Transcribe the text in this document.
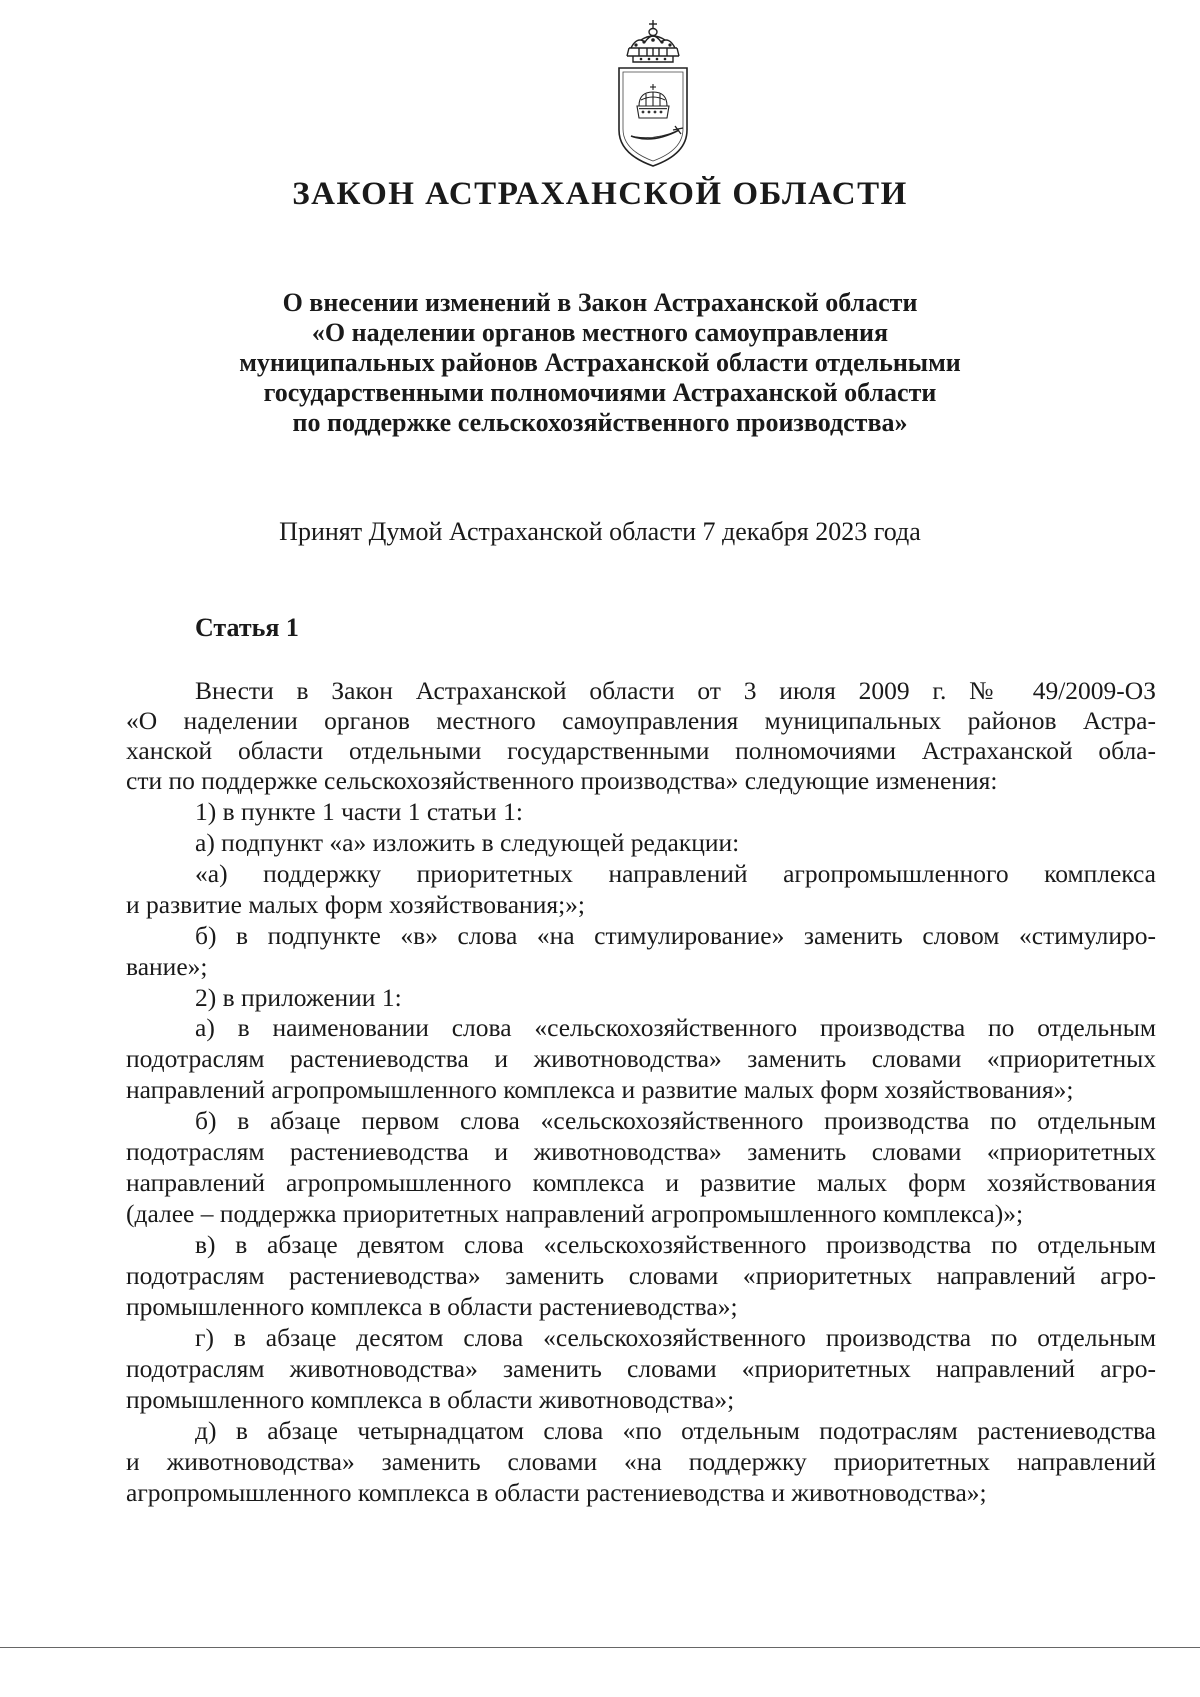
ЗАКОН АСТРАХАНСКОЙ ОБЛАСТИ
О внесении изменений в Закон Астраханской области
«О наделении органов местного самоуправления
муниципальных районов Астраханской области отдельными
государственными полномочиями Астраханской области
по поддержке сельскохозяйственного производства»

Принят Думой Астраханской области 7 декабря 2023 года

Статья 1
Внести в Закон Астраханской области от 3 июля 2009 г. № 49/2009-ОЗ
«О наделении органов местного самоуправления муниципальных районов Астра-
ханской области отдельными государственными полномочиями Астраханской обла-
сти по поддержке сельскохозяйственного производства» следующие изменения:
1) в пункте 1 части 1 статьи 1:
а) подпункт «а» изложить в следующей редакции:
«а) поддержку приоритетных направлений агропромышленного комплекса
и развитие малых форм хозяйствования;»;
б) в подпункте «в» слова «на стимулирование» заменить словом «стимулиро-
вание»;
2) в приложении 1:
а) в наименовании слова «сельскохозяйственного производства по отдельным
подотраслям растениеводства и животноводства» заменить словами «приоритетных
направлений агропромышленного комплекса и развитие малых форм хозяйствования»;
б) в абзаце первом слова «сельскохозяйственного производства по отдельным
подотраслям растениеводства и животноводства» заменить словами «приоритетных
направлений агропромышленного комплекса и развитие малых форм хозяйствования
(далее – поддержка приоритетных направлений агропромышленного комплекса)»;
в) в абзаце девятом слова «сельскохозяйственного производства по отдельным
подотраслям растениеводства» заменить словами «приоритетных направлений агро-
промышленного комплекса в области растениеводства»;
г) в абзаце десятом слова «сельскохозяйственного производства по отдельным
подотраслям животноводства» заменить словами «приоритетных направлений агро-
промышленного комплекса в области животноводства»;
д) в абзаце четырнадцатом слова «по отдельным подотраслям растениеводства
и животноводства» заменить словами «на поддержку приоритетных направлений
агропромышленного комплекса в области растениеводства и животноводства»;
